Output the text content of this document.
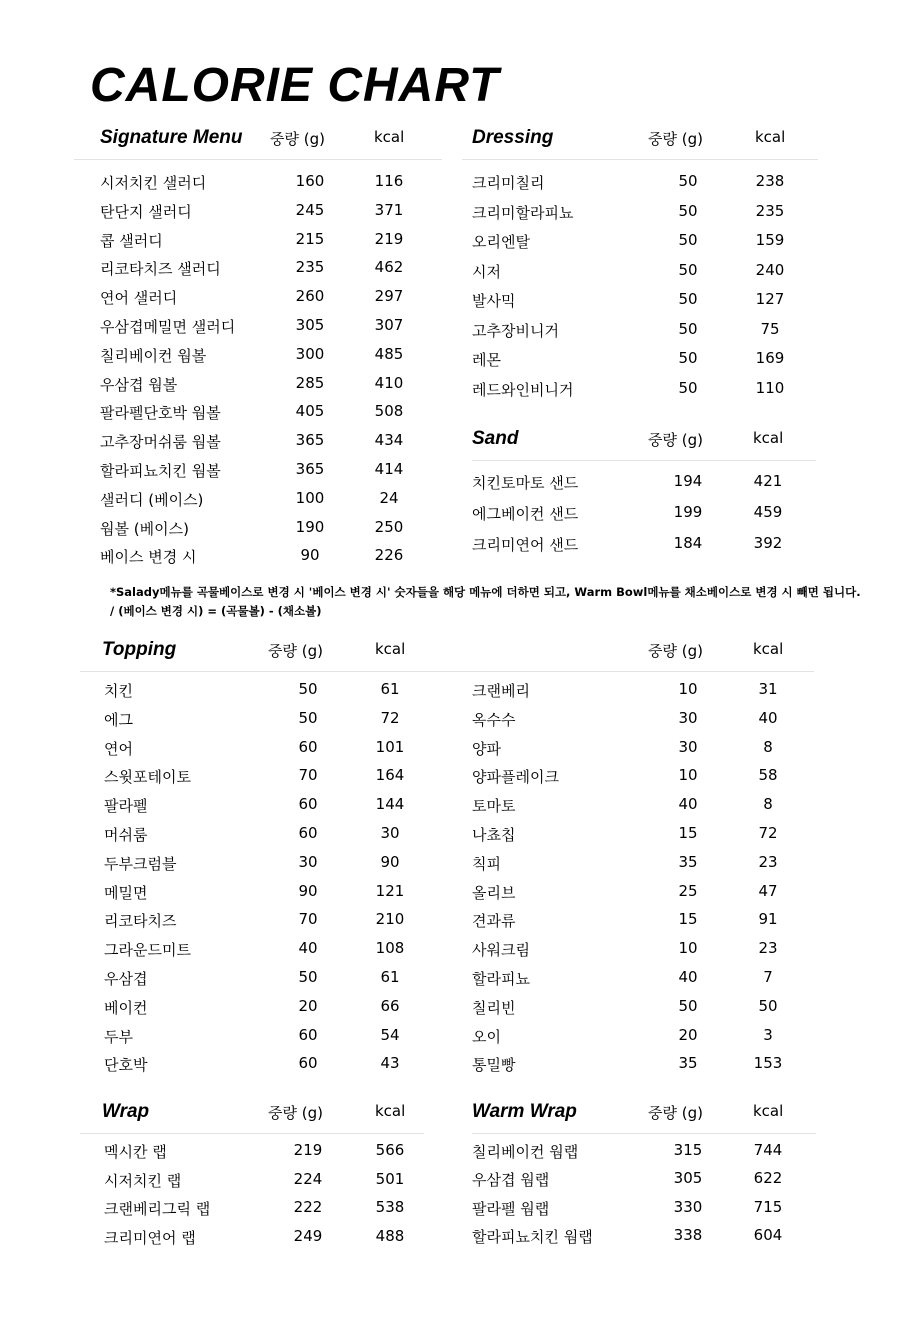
CALORIE CHART
Signature Menu 중량 (g)	kcal
시저치킨 샐러디	160	116
탄단지 샐러디	245	371
콥 샐러디	215	219
리코타치즈 샐러디	235	462
연어 샐러디	260	297
우삼겹메밀면 샐러디	305	307
칠리베이컨 웜볼	300	485
우삼겹 웜볼	285	410
팔라펠단호박 웜볼	405	508
고추장머쉬룸 웜볼	365	434
할라피뇨치킨 웜볼	365	414
샐러디 (베이스)	100	24
웜볼 (베이스)	190	250
베이스 변경 시	90	226
Dressing	중량 (g)	kcal
크리미칠리	50	238
크리미할라피뇨	50	235
오리엔탈	50	159
시저	50	240
발사믹	50	127
고추장비니거	50	75
레몬	50	169
레드와인비니거	50	110
Sand	중량 (g)	kcal
치킨토마토 샌드	194	421
에그베이컨 샌드	199	459
크리미연어 샌드	184	392
Topping	중량 (g)	kcal
치킨	50	61
에그	50	72
연어	60	101
스윗포테이토	70	164
팔라펠	60	144
머쉬룸	60	30
두부크럼블	30	90
메밀면	90	121
리코타치즈	70	210
그라운드미트	40	108
우삼겹	50	61
베이컨	20	66
두부	60	54
단호박	60	43
중량 (g)	kcal
크랜베리	10	31
옥수수	30	40
양파	30	8
양파플레이크	10	58
토마토	40	8
나쵸칩	15	72
칙피	35	23
올리브	25	47
견과류	15	91
사워크림	10	23
할라피뇨	40	7
칠리빈	50	50
오이	20	3
통밀빵	35	153
Wrap	중량 (g)	kcal
멕시칸 랩	219	566
시저치킨 랩	224	501
크랜베리그릭 랩	222	538
크리미연어 랩	249	488
Warm Wrap	중량 (g)	kcal
칠리베이컨 웜랩	315	744
우삼겹 웜랩	305	622
팔라펠 웜랩	330	715
할라피뇨치킨 웜랩	338	604
*Salady메뉴를 곡물베이스로 변경 시 '베이스 변경 시' 숫자들을 해당 메뉴에 더하면 되고, Warm Bowl메뉴를 채소베이스로 변경 시 빼면 됩니다.
/ (베이스 변경 시) = (곡물볼) - (채소볼)
